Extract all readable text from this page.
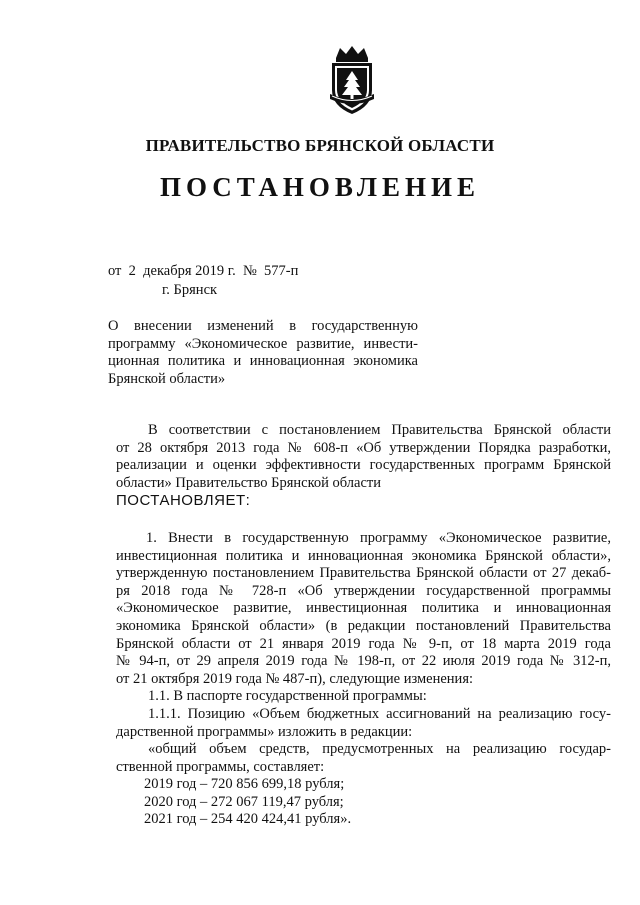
ПРАВИТЕЛЬСТВО БРЯНСКОЙ ОБЛАСТИ
ПОСТАНОВЛЕНИЕ
от  2  декабря 2019 г.  №  577-п
г. Брянск
О внесении изменений в государственную
программу «Экономическое развитие, инвести-
ционная политика и инновационная экономика
Брянской области»
В соответствии с постановлением Правительства Брянской области
от 28 октября 2013 года № 608-п «Об утверждении Порядка разработки,
реализации и оценки эффективности государственных программ Брянской
области» Правительство Брянской области
ПОСТАНОВЛЯЕТ:
1. Внести в государственную программу «Экономическое развитие,
инвестиционная политика и инновационная экономика Брянской области»,
утвержденную постановлением Правительства Брянской области от 27 декаб-
ря 2018 года № 728-п «Об утверждении государственной программы
«Экономическое развитие, инвестиционная политика и инновационная
экономика Брянской области» (в редакции постановлений Правительства
Брянской области от 21 января 2019 года № 9-п, от 18 марта 2019 года
№ 94-п, от 29 апреля 2019 года № 198-п, от 22 июля 2019 года № 312-п,
от 21 октября 2019 года № 487-п), следующие изменения:
1.1. В паспорте государственной программы:
1.1.1. Позицию «Объем бюджетных ассигнований на реализацию госу-
дарственной программы» изложить в редакции:
«общий объем средств, предусмотренных на реализацию государ-
ственной программы, составляет:
2019 год – 720 856 699,18 рубля;
2020 год – 272 067 119,47 рубля;
2021 год – 254 420 424,41 рубля».
